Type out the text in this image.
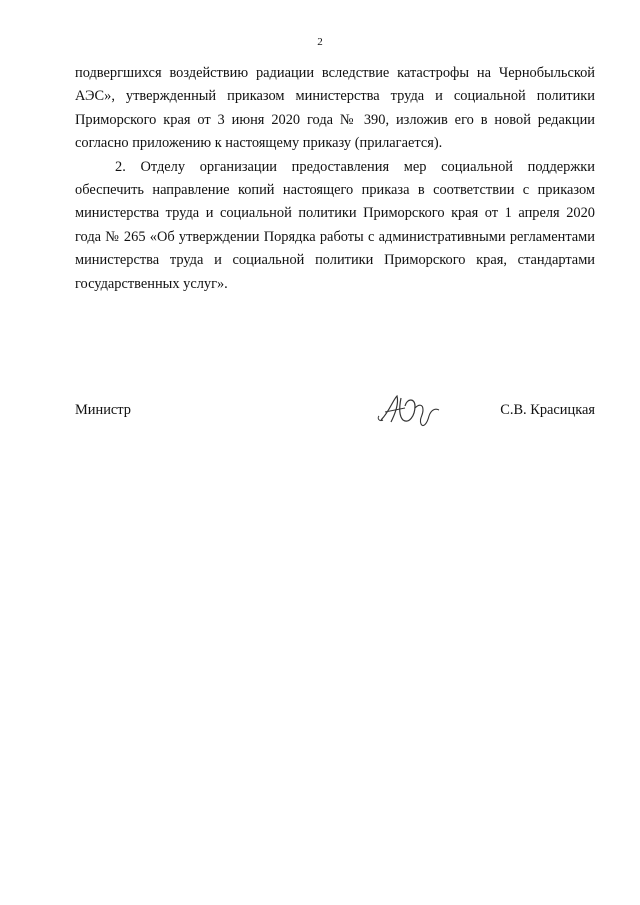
2

подвергшихся воздействию радиации вследствие катастрофы на Чернобыльской АЭС», утвержденный приказом министерства труда и социальной политики Приморского края от 3 июня 2020 года № 390, изложив его в новой редакции согласно приложению к настоящему приказу (прилагается).

2. Отделу организации предоставления мер социальной поддержки обеспечить направление копий настоящего приказа в соответствии с приказом министерства труда и социальной политики Приморского края от 1 апреля 2020 года № 265 «Об утверждении Порядка работы с административными регламентами министерства труда и социальной политики Приморского края, стандартами государственных услуг».

Министр	С.В. Красицкая
